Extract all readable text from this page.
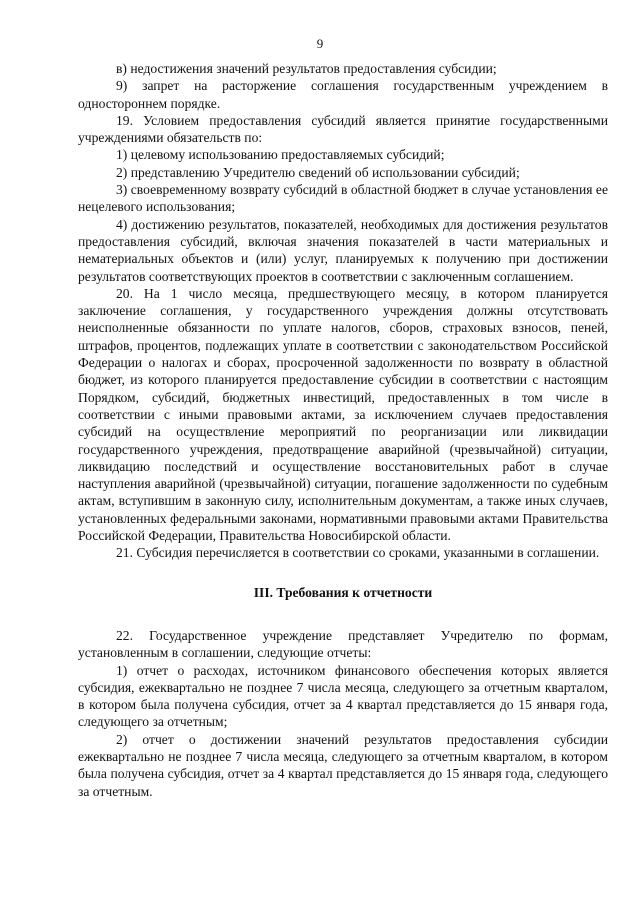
9

в) недостижения значений результатов предоставления субсидии;

9) запрет на расторжение соглашения государственным учреждением в одностороннем порядке.

19. Условием предоставления субсидий является принятие государственными учреждениями обязательств по:

1) целевому использованию предоставляемых субсидий;

2) представлению Учредителю сведений об использовании субсидий;

3) своевременному возврату субсидий в областной бюджет в случае установления ее нецелевого использования;

4) достижению результатов, показателей, необходимых для достижения результатов предоставления субсидий, включая значения показателей в части материальных и нематериальных объектов и (или) услуг, планируемых к получению при достижении результатов соответствующих проектов в соответствии с заключенным соглашением.

20. На 1 число месяца, предшествующего месяцу, в котором планируется заключение соглашения, у государственного учреждения должны отсутствовать неисполненные обязанности по уплате налогов, сборов, страховых взносов, пеней, штрафов, процентов, подлежащих уплате в соответствии с законодательством Российской Федерации о налогах и сборах, просроченной задолженности по возврату в областной бюджет, из которого планируется предоставление субсидии в соответствии с настоящим Порядком, субсидий, бюджетных инвестиций, предоставленных в том числе в соответствии с иными правовыми актами, за исключением случаев предоставления субсидий на осуществление мероприятий по реорганизации или ликвидации государственного учреждения, предотвращение аварийной (чрезвычайной) ситуации, ликвидацию последствий и осуществление восстановительных работ в случае наступления аварийной (чрезвычайной) ситуации, погашение задолженности по судебным актам, вступившим в законную силу, исполнительным документам, а также иных случаев, установленных федеральными законами, нормативными правовыми актами Правительства Российской Федерации, Правительства Новосибирской области.

21. Субсидия перечисляется в соответствии со сроками, указанными в соглашении.

III. Требования к отчетности

22. Государственное учреждение представляет Учредителю по формам, установленным в соглашении, следующие отчеты:

1) отчет о расходах, источником финансового обеспечения которых является субсидия, ежеквартально не позднее 7 числа месяца, следующего за отчетным кварталом, в котором была получена субсидия, отчет за 4 квартал представляется до 15 января года, следующего за отчетным;

2) отчет о достижении значений результатов предоставления субсидии ежеквартально не позднее 7 числа месяца, следующего за отчетным кварталом, в котором была получена субсидия, отчет за 4 квартал представляется до 15 января года, следующего за отчетным.
